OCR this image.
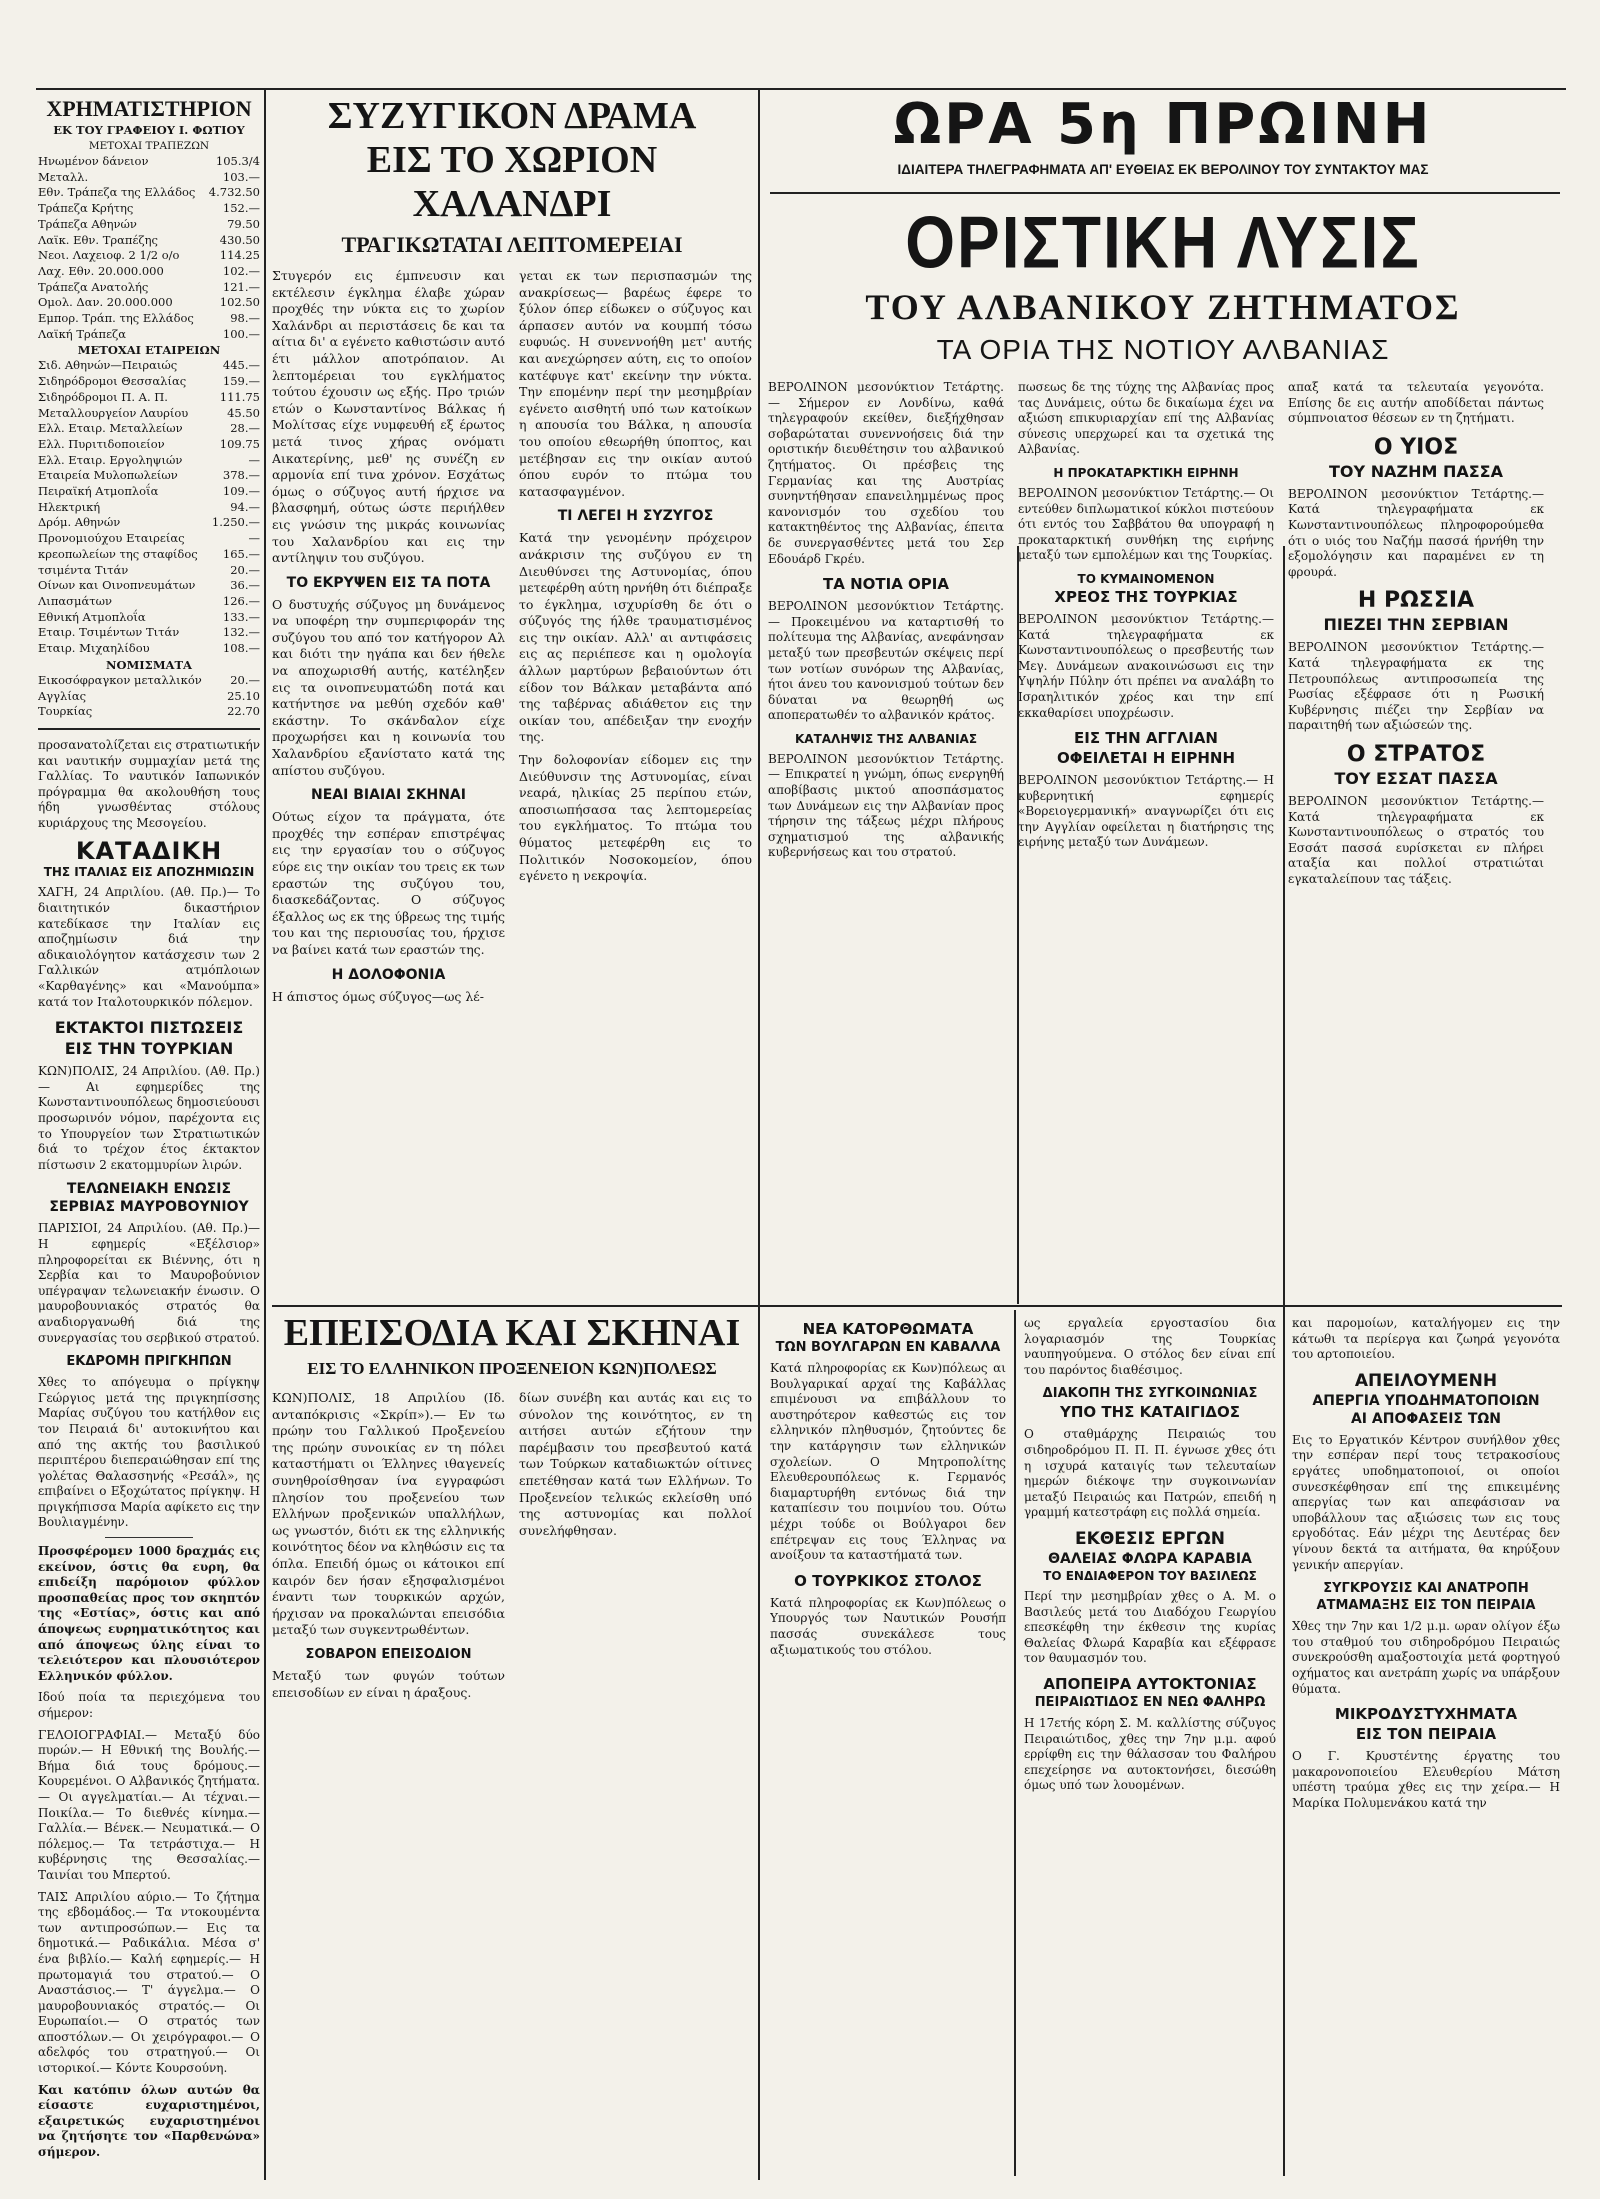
ΧΡΗΜΑΤΙΣΤΗΡΙΟΝ
ΕΚ ΤΟΥ ΓΡΑΦΕΙΟΥ Ι. ΦΩΤΙΟΥ
ΜΕΤΟΧΑΙ ΤΡΑΠΕΖΩΝ
Ηνωμένον δάνειον	105.3/4
Μεταλλ.	103.—
Εθν. Τράπεζα της Ελλάδος	4.732.50
Τράπεζα Κρήτης	152.—
Τράπεζα Αθηνών	79.50
Λαϊκ. Εθν. Τραπέζης	430.50
Νεοι. Λαχειοφ. 2 1/2 ο/ο	114.25
Λαχ. Εθν. 20.000.000	102.—
Τράπεζα Ανατολής	121.—
Ομολ. Δαν. 20.000.000	102.50
Εμπορ. Τράπ. της Ελλάδος	98.—
Λαϊκή Τράπεζα	100.—
ΜΕΤΟΧΑΙ ΕΤΑΙΡΕΙΩΝ
Σιδ. Αθηνών—Πειραιώς	445.—
Σιδηρόδρομοι Θεσσαλίας	159.—
Σιδηρόδρομοι Π. Α. Π.	111.75
Μεταλλουργείον Λαυρίου	45.50
Ελλ. Εταιρ. Μεταλλείων	28.—
Ελλ. Πυριτιδοποιείον	109.75
Ελλ. Εταιρ. Εργοληψιών	—
Εταιρεία Μυλοπωλείων	378.—
Πειραϊκή Ατμοπλοΐα	109.—
Ηλεκτρική	94.—
Δρόμ. Αθηνών	1.250.—
Προνομιούχου Εταιρείας	—
κρεοπωλείων της σταφίδος	165.—
τσιμέντα Τιτάν	20.—
Οίνων και Οινοπνευμάτων	36.—
Λιπασμάτων	126.—
Εθνική Ατμοπλοΐα	133.—
Εταιρ. Τσιμέντων Τιτάν	132.—
Εταιρ. Μιχαηλίδου	108.—
ΝΟΜΙΣΜΑΤΑ
Εικοσόφραγκον μεταλλικόν	20.—
Αγγλίας	25.10
Τουρκίας	22.70

προσανατολίζεται εις στρατιωτικήν και ναυτικήν συμμαχίαν μετά της Γαλλίας. Το ναυτικόν Ιαπωνικόν πρόγραμμα θα ακολουθήση τους ήδη γνωσθέντας στόλους κυριάρχους της Μεσογείου.

ΚΑΤΑΔΙΚΗ
ΤΗΣ ΙΤΑΛΙΑΣ ΕΙΣ ΑΠΟΖΗΜΙΩΣΙΝ

ΧΑΓΗ, 24 Απριλίου. (Αθ. Πρ.)— Το διαιτητικόν δικαστήριον κατεδίκασε την Ιταλίαν εις αποζημίωσιν διά την αδικαιολόγητον κατάσχεσιν των 2 Γαλλικών ατμόπλοιων «Καρθαγένης» και «Μανούμπα» κατά τον Ιταλοτουρκικόν πόλεμον.

ΕΚΤΑΚΤΟΙ ΠΙΣΤΩΣΕΙΣ
ΕΙΣ ΤΗΝ ΤΟΥΡΚΙΑΝ

ΚΩΝ)ΠΟΛΙΣ, 24 Απριλίου. (Αθ. Πρ.)— Αι εφημερίδες της Κωνσταντινουπόλεως δημοσιεύουσι προσωρινόν νόμον, παρέχοντα εις το Υπουργείον των Στρατιωτικών διά το τρέχον έτος έκτακτον πίστωσιν 2 εκατομμυρίων λιρών.

ΤΕΛΩΝΕΙΑΚΗ ΕΝΩΣΙΣ
ΣΕΡΒΙΑΣ ΜΑΥΡΟΒΟΥΝΙΟΥ

ΠΑΡΙΣΙΟΙ, 24 Απριλίου. (Αθ. Πρ.)— Η εφημερίς «Εξέλσιορ» πληροφορείται εκ Βιέννης, ότι η Σερβία και το Μαυροβούνιον υπέγραψαν τελωνειακήν ένωσιν. Ο μαυροβουνιακός στρατός θα αναδιοργανωθή διά της συνεργασίας του σερβικού στρατού.

ΕΚΔΡΟΜΗ ΠΡΙΓΚΗΠΩΝ

Χθες το απόγευμα ο πρίγκηψ Γεώργιος μετά της πριγκηπίσσης Μαρίας συζύγου του κατήλθον εις τον Πειραιά δι' αυτοκινήτου και από της ακτής του βασιλικού περιπτέρου διεπεραιώθησαν επί της γολέτας Θαλασσηνής «Ρεσάλ», ης επιβαίνει ο Εξοχώτατος πρίγκηψ. Η πριγκήπισσα Μαρία αφίκετο εις την Βουλιαγμένην.

Προσφέρομεν 1000 δραχμάς εις εκείνον, όστις θα ευρη, θα επιδείξη παρόμοιον φύλλον προσπαθείας προς τον σκηπτόν της «Εστίας», όστις και από άποψεως ευρηματικότητος και από άποψεως ύλης είναι το τελειότερον και πλουσιότερον Ελληνικόν φύλλον.

Ιδού ποία τα περιεχόμενα του σήμερον:

ΓΕΛΟΙΟΓΡΑΦΙΑΙ.— Μεταξύ δύο πυρών.— Η Εθνική της Βουλής.— Βήμα διά τους δρόμους.— Κουρεμένοι. Ο Αλβανικός ζητήματα.— Οι αγγελματίαι.— Αι τέχναι.— Ποικίλα.— Το διεθνές κίνημα.— Γαλλία.— Βένεκ.— Νευματικά.— Ο πόλεμος.— Τα τετράστιχα.— Η κυβέρνησις της Θεσσαλίας.— Ταινίαι του Μπερτού.

ΤΑΙΣ Απριλίου αύριο.— Το ζήτημα της εβδομάδος.— Τα ντοκουμέντα των αντιπροσώπων.— Εις τα δημοτικά.— Ραδικάλια. Μέσα σ' ένα βιβλίο.— Καλή εφημερίς.— Η πρωτομαγιά του στρατού.— Ο Αναστάσιος.— Τ' άγγελμα.— Ο μαυροβουνιακός στρατός.— Οι Ευρωπαίοι.— Ο στρατός των αποστόλων.— Οι χειρόγραφοι.— Ο αδελφός του στρατηγού.— Οι ιστορικοί.— Κόντε Κουρσούνη.

Και κατόπιν όλων αυτών θα είσαστε ευχαριστημένοι, εξαιρετικώς ευχαριστημένοι να ζητήσητε τον «Παρθενώνα» σήμερον.

ΣΥΖΥΓΙΚΟΝ ΔΡΑΜΑ
ΕΙΣ ΤΟ ΧΩΡΙΟΝ ΧΑΛΑΝΔΡΙ
ΤΡΑΓΙΚΩΤΑΤΑΙ ΛΕΠΤΟΜΕΡΕΙΑΙ

Στυγερόν εις έμπνευσιν και εκτέλεσιν έγκλημα έλαβε χώραν προχθές την νύκτα εις το χωρίον Χαλάνδρι αι περιστάσεις δε και τα αίτια δι' α εγένετο καθιστώσιν αυτό έτι μάλλον αποτρόπαιον. Αι λεπτομέρειαι του εγκλήματος τούτου έχουσιν ως εξής. Προ τριών ετών ο Κωνσταντίνος Βάλκας ή Μολίτσας είχε νυμφευθή εξ έρωτος μετά τινος χήρας ονόματι Αικατερίνης, μεθ' ης συνέζη εν αρμονία επί τινα χρόνον. Εσχάτως όμως ο σύζυγος αυτή ήρχισε να βλασφημή, ούτως ώστε περιήλθεν εις γνώσιν της μικράς κοινωνίας του Χαλανδρίου και εις την αντίληψιν του συζύγου.

ΤΟ ΕΚΡΥΨΕΝ ΕΙΣ ΤΑ ΠΟΤΑ

Ο δυστυχής σύζυγος μη δυνάμενος να υποφέρη την συμπεριφοράν της συζύγου του από τον κατήγορον Αλ και διότι την ηγάπα και δεν ήθελε να αποχωρισθή αυτής, κατέληξεν εις τα οινοπνευματώδη ποτά και κατήντησε να μεθύη σχεδόν καθ' εκάστην. Το σκάνδαλον είχε προχωρήσει και η κοινωνία του Χαλανδρίου εξανίστατο κατά της απίστου συζύγου.

ΝΕΑΙ ΒΙΑΙΑΙ ΣΚΗΝΑΙ

Ούτως είχον τα πράγματα, ότε προχθές την εσπέραν επιστρέψας εις την εργασίαν του ο σύζυγος εύρε εις την οικίαν του τρεις εκ των εραστών της συζύγου του, διασκεδάζοντας. Ο σύζυγος έξαλλος ως εκ της ύβρεως της τιμής του και της περιουσίας του, ήρχισε να βαίνει κατά των εραστών της.

Η ΔΟΛΟΦΟΝΙΑ

Η άπιστος όμως σύζυγος—ως λέ-

γεται εκ των περισπασμών της ανακρίσεως— βαρέως έφερε το ξύλον όπερ είδωκεν ο σύζυγος και άρπασεν αυτόν να κουμπή τόσω ευφυώς. Η συνεννοήθη μετ' αυτής και ανεχώρησεν αύτη, εις το οποίον κατέφυγε κατ' εκείνην την νύκτα. Την επομένην περί την μεσημβρίαν εγένετο αισθητή υπό των κατοίκων η απουσία του Βάλκα, η απουσία του οποίου εθεωρήθη ύποπτος, και μετέβησαν εις την οικίαν αυτού όπου ευρόν το πτώμα του κατασφαγμένον.

ΤΙ ΛΕΓΕΙ Η ΣΥΖΥΓΟΣ

Κατά την γενομένην πρόχειρον ανάκρισιν της συζύγου εν τη Διευθύνσει της Αστυνομίας, όπου μετεφέρθη αύτη ηρνήθη ότι διέπραξε το έγκλημα, ισχυρίσθη δε ότι ο σύζυγός της ήλθε τραυματισμένος εις την οικίαν. Αλλ' αι αντιφάσεις εις ας περιέπεσε και η ομολογία άλλων μαρτύρων βεβαιούντων ότι είδον τον Βάλκαν μεταβάντα από της ταβέρνας αδιάθετον εις την οικίαν του, απέδειξαν την ενοχήν της.

Την δολοφονίαν είδομεν εις την Διεύθυνσιν της Αστυνομίας, είναι νεαρά, ηλικίας 25 περίπου ετών, αποσιωπήσασα τας λεπτομερείας του εγκλήματος. Το πτώμα του θύματος μετεφέρθη εις το Πολιτικόν Νοσοκομείον, όπου εγένετο η νεκροψία.

ΩΡΑ 5η ΠΡΩΙΝΗ
ΙΔΙΑΙΤΕΡΑ ΤΗΛΕΓΡΑΦΗΜΑΤΑ ΑΠ' ΕΥΘΕΙΑΣ ΕΚ ΒΕΡΟΛΙΝΟΥ ΤΟΥ ΣΥΝΤΑΚΤΟΥ ΜΑΣ
ΟΡΙΣΤΙΚΗ ΛΥΣΙΣ
ΤΟΥ ΑΛΒΑΝΙΚΟΥ ΖΗΤΗΜΑΤΟΣ
ΤΑ ΟΡΙΑ ΤΗΣ ΝΟΤΙΟΥ ΑΛΒΑΝΙΑΣ

ΒΕΡΟΛΙΝΟΝ μεσονύκτιον Τετάρτης.— Σήμερον εν Λονδίνω, καθά τηλεγραφούν εκείθεν, διεξήχθησαν σοβαρώταται συνεννοήσεις διά την οριστικήν διευθέτησιν του αλβανικού ζητήματος. Οι πρέσβεις της Γερμανίας και της Αυστρίας συνηντήθησαν επανειλημμένως προς κανονισμόν του σχεδίου του κατακτηθέντος της Αλβανίας, έπειτα δε συνεργασθέντες μετά του Σερ Εδουάρδ Γκρέυ.

ΤΑ ΝΟΤΙΑ ΟΡΙΑ

ΒΕΡΟΛΙΝΟΝ μεσονύκτιον Τετάρτης.— Προκειμένου να καταρτισθή το πολίτευμα της Αλβανίας, ανεφάνησαν μεταξύ των πρεσβευτών σκέψεις περί των νοτίων συνόρων της Αλβανίας, ήτοι άνευ του κανονισμού τούτων δεν δύναται να θεωρηθή ως αποπερατωθέν το αλβανικόν κράτος.

ΚΑΤΑΛΗΨΙΣ ΤΗΣ ΑΛΒΑΝΙΑΣ

ΒΕΡΟΛΙΝΟΝ μεσονύκτιον Τετάρτης.— Επικρατεί η γνώμη, όπως ενεργηθή αποβίβασις μικτού αποσπάσματος των Δυνάμεων εις την Αλβανίαν προς τήρησιν της τάξεως μέχρι πλήρους σχηματισμού της αλβανικής κυβερνήσεως και του στρατού.

πωσεως δε της τύχης της Αλβανίας προς τας Δυνάμεις, ούτω δε δικαίωμα έχει να αξιώση επικυριαρχίαν επί της Αλβανίας σύνεσις υπερχωρεί και τα σχετικά της Αλβανίας.

Η ΠΡΟΚΑΤΑΡΚΤΙΚΗ ΕΙΡΗΝΗ

ΒΕΡΟΛΙΝΟΝ μεσονύκτιον Τετάρτης.— Οι εντεύθεν διπλωματικοί κύκλοι πιστεύουν ότι εντός του Σαββάτου θα υπογραφή η προκαταρκτική συνθήκη της ειρήνης μεταξύ των εμπολέμων και της Τουρκίας.

ΤΟ ΚΥΜΑΙΝΟΜΕΝΟΝ
ΧΡΕΟΣ ΤΗΣ ΤΟΥΡΚΙΑΣ

ΒΕΡΟΛΙΝΟΝ μεσονύκτιον Τετάρτης.— Κατά τηλεγραφήματα εκ Κωνσταντινουπόλεως ο πρεσβευτής των Μεγ. Δυνάμεων ανακοινώσωσι εις την Υψηλήν Πύλην ότι πρέπει να αναλάβη το Ισραηλιτικόν χρέος και την επί εκκαθαρίσει υποχρέωσιν.

ΕΙΣ ΤΗΝ ΑΓΓΛΙΑΝ
ΟΦΕΙΛΕΤΑΙ Η ΕΙΡΗΝΗ

ΒΕΡΟΛΙΝΟΝ μεσονύκτιον Τετάρτης.— Η κυβερνητική εφημερίς «Βορειογερμανική» αναγνωρίζει ότι εις την Αγγλίαν οφείλεται η διατήρησις της ειρήνης μεταξύ των Δυνάμεων.

απαξ κατά τα τελευταία γεγονότα. Επίσης δε εις αυτήν αποδίδεται πάντως σύμπνοιατοσ θέσεων εν τη ζητήματι.

Ο ΥΙΟΣ
ΤΟΥ ΝΑΖΗΜ ΠΑΣΣΑ

ΒΕΡΟΛΙΝΟΝ μεσονύκτιον Τετάρτης.— Κατά τηλεγραφήματα εκ Κωνσταντινουπόλεως πληροφορούμεθα ότι ο υιός του Ναζήμ πασσά ήρνήθη την εξομολόγησιν και παραμένει εν τη φρουρά.

Η ΡΩΣΣΙΑ
ΠΙΕΖΕΙ ΤΗΝ ΣΕΡΒΙΑΝ

ΒΕΡΟΛΙΝΟΝ μεσονύκτιον Τετάρτης.— Κατά τηλεγραφήματα εκ της Πετρουπόλεως αντιπροσωπεία της Ρωσίας εξέφρασε ότι η Ρωσική Κυβέρνησις πιέζει την Σερβίαν να παραιτηθή των αξιώσεών της.

Ο ΣΤΡΑΤΟΣ
ΤΟΥ ΕΣΣΑΤ ΠΑΣΣΑ

ΒΕΡΟΛΙΝΟΝ μεσονύκτιον Τετάρτης.— Κατά τηλεγραφήματα εκ Κωνσταντινουπόλεως ο στρατός του Εσσάτ πασσά ευρίσκεται εν πλήρει αταξία και πολλοί στρατιώται εγκαταλείπουν τας τάξεις.

ΕΠΕΙΣΟΔΙΑ ΚΑΙ ΣΚΗΝΑΙ
ΕΙΣ ΤΟ ΕΛΛΗΝΙΚΟΝ ΠΡΟΞΕΝΕΙΟΝ ΚΩΝ)ΠΟΛΕΩΣ

ΚΩΝ)ΠΟΛΙΣ, 18 Απριλίου (Ιδ. ανταπόκρισις «Σκρίπ»).— Εν τω πρώην του Γαλλικού Προξενείου της πρώην συνοικίας εν τη πόλει καταστήματι οι Έλληνες ιθαγενείς συνηθροίσθησαν ίνα εγγραφώσι πλησίον του προξενείου των Ελλήνων προξενικών υπαλλήλων, ως γνωστόν, διότι εκ της ελληνικής κοινότητος δέον να κληθώσιν εις τα όπλα. Επειδή όμως οι κάτοικοι επί καιρόν δεν ήσαν εξησφαλισμένοι έναντι των τουρκικών αρχών, ήρχισαν να προκαλώνται επεισόδια μεταξύ των συγκεντρωθέντων.

ΣΟΒΑΡΟΝ ΕΠΕΙΣΟΔΙΟΝ

Μεταξύ των φυγών τούτων επεισοδίων εν είναι η άραξους.

δίων συνέβη και αυτάς και εις το σύνολον της κοινότητος, εν τη αιτήσει αυτών εζήτουν την παρέμβασιν του πρεσβευτού κατά των Τούρκων καταδιωκτών οίτινες επετέθησαν κατά των Ελλήνων. Το Προξενείον τελικώς εκλείσθη υπό της αστυνομίας και πολλοί συνελήφθησαν.

ΝΕΑ ΚΑΤΟΡΘΩΜΑΤΑ
ΤΩΝ ΒΟΥΛΓΑΡΩΝ ΕΝ ΚΑΒΑΛΛΑ

Κατά πληροφορίας εκ Κων)πόλεως αι Βουλγαρικαί αρχαί της Καβάλλας επιμένουσι να επιβάλλουν το αυστηρότερον καθεστώς εις τον ελληνικόν πληθυσμόν, ζητούντες δε την κατάργησιν των ελληνικών σχολείων. Ο Μητροπολίτης Ελευθερουπόλεως κ. Γερμανός διαμαρτυρήθη εντόνως διά την καταπίεσιν του ποιμνίου του. Ούτω μέχρι τούδε οι Βούλγαροι δεν επέτρεψαν εις τους Έλληνας να ανοίξουν τα καταστήματά των.

Ο ΤΟΥΡΚΙΚΟΣ ΣΤΟΛΟΣ

Κατά πληροφορίας εκ Κων)πόλεως ο Υπουργός των Ναυτικών Ρουσήπ πασσάς συνεκάλεσε τους αξιωματικούς του στόλου.

ως εργαλεία εργοστασίου δια λογαριασμόν της Τουρκίας ναυπηγούμενα. Ο στόλος δεν είναι επί του παρόντος διαθέσιμος.

ΔΙΑΚΟΠΗ ΤΗΣ ΣΥΓΚΟΙΝΩΝΙΑΣ
ΥΠΟ ΤΗΣ ΚΑΤΑΙΓΙΔΟΣ

Ο σταθμάρχης Πειραιώς του σιδηροδρόμου Π. Π. Π. έγνωσε χθες ότι η ισχυρά καταιγίς των τελευταίων ημερών διέκοψε την συγκοινωνίαν μεταξύ Πειραιώς και Πατρών, επειδή η γραμμή κατεστράφη εις πολλά σημεία.

ΕΚΘΕΣΙΣ ΕΡΓΩΝ
ΘΑΛΕΙΑΣ ΦΛΩΡΑ ΚΑΡΑΒΙΑ
ΤΟ ΕΝΔΙΑΦΕΡΟΝ ΤΟΥ ΒΑΣΙΛΕΩΣ

Περί την μεσημβρίαν χθες ο Α. Μ. ο Βασιλεύς μετά του Διαδόχου Γεωργίου επεσκέφθη την έκθεσιν της κυρίας Θαλείας Φλωρά Καραβία και εξέφρασε τον θαυμασμόν του.

ΑΠΟΠΕΙΡΑ ΑΥΤΟΚΤΟΝΙΑΣ
ΠΕΙΡΑΙΩΤΙΔΟΣ ΕΝ ΝΕΩ ΦΑΛΗΡΩ

Η 17ετής κόρη Σ. Μ. καλλίστης σύζυγος Πειραιώτιδος, χθες την 7ην μ.μ. αφού ερρίφθη εις την θάλασσαν του Φαλήρου επεχείρησε να αυτοκτονήσει, διεσώθη όμως υπό των λουομένων.

και παρομοίων, καταλήγομεν εις την κάτωθι τα περίεργα και ζωηρά γεγονότα του αρτοποιείου.

ΑΠΕΙΛΟΥΜΕΝΗ
ΑΠΕΡΓΙΑ ΥΠΟΔΗΜΑΤΟΠΟΙΩΝ
ΑΙ ΑΠΟΦΑΣΕΙΣ ΤΩΝ

Εις το Εργατικόν Κέντρον συνήλθον χθες την εσπέραν περί τους τετρακοσίους εργάτες υποδηματοποιοί, οι οποίοι συνεσκέφθησαν επί της επικειμένης απεργίας των και απεφάσισαν να υποβάλλουν τας αξιώσεις των εις τους εργοδότας. Εάν μέχρι της Δευτέρας δεν γίνουν δεκτά τα αιτήματα, θα κηρύξουν γενικήν απεργίαν.

ΣΥΓΚΡΟΥΣΙΣ ΚΑΙ ΑΝΑΤΡΟΠΗ
ΑΤΜΑΜΑΞΗΣ ΕΙΣ ΤΟΝ ΠΕΙΡΑΙΑ

Χθες την 7ην και 1/2 μ.μ. ωραν ολίγον έξω του σταθμού του σιδηροδρόμου Πειραιώς συνεκρούσθη αμαξοστοιχία μετά φορτηγού οχήματος και ανετράπη χωρίς να υπάρξουν θύματα.

ΜΙΚΡΟΔΥΣΤΥΧΗΜΑΤΑ
ΕΙΣ ΤΟΝ ΠΕΙΡΑΙΑ

Ο Γ. Κρυστέντης έργατης του μακαρονοποιείου Ελευθερίου Μάτση υπέστη τραύμα χθες εις την χείρα.— Η Μαρίκα Πολυμενάκου κατά την
